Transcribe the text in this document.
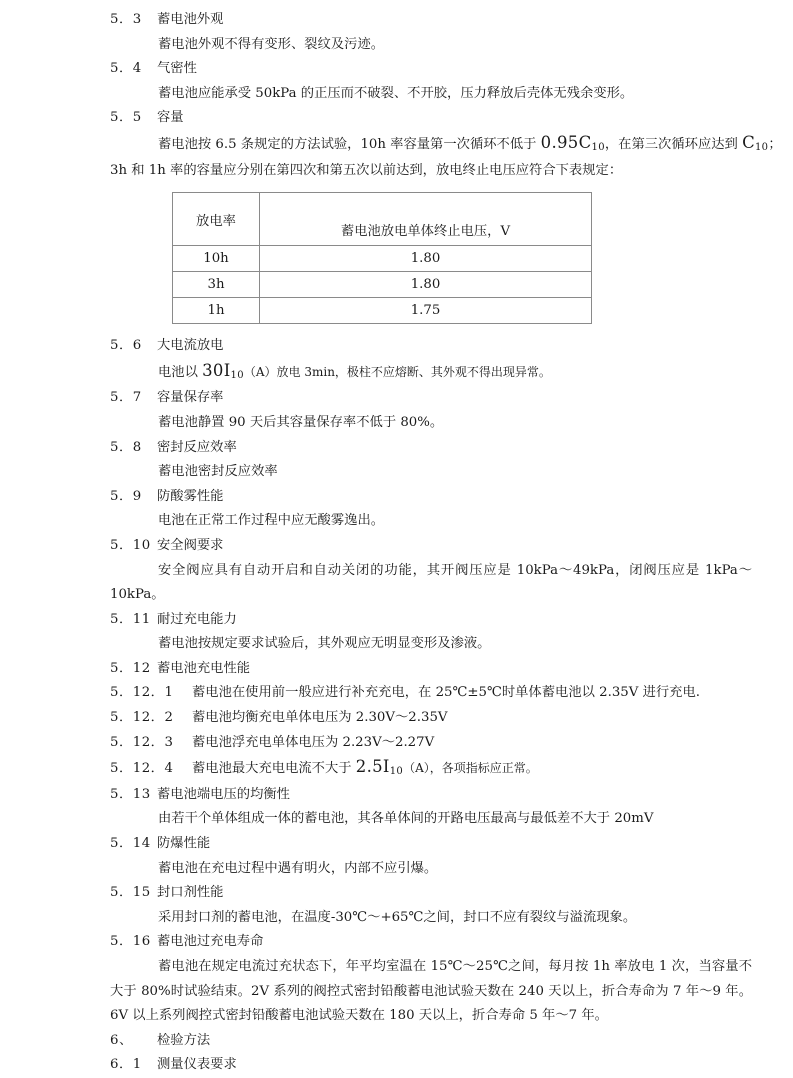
5．3 蓄电池外观
蓄电池外观不得有变形、裂纹及污迹。
5．4 气密性
蓄电池应能承受 50kPa 的正压而不破裂、不开胶，压力释放后壳体无残余变形。
5．5 容量
蓄电池按 6.5 条规定的方法试验，10h 率容量第一次循环不低于 $0.95C_{10}$，在第三次循环应达到 $C_{10}$；
3h 和 1h 率的容量应分别在第四次和第五次以前达到，放电终止电压应符合下表规定：
放电率	蓄电池放电单体终止电压，V
10h	1.80
3h	1.80
1h	1.75
5．6 大电流放电
电池以 $30I_{10}(A)$放电 3min，极柱不应熔断、其外观不得出现异常。
5．7 容量保存率
蓄电池静置 90 天后其容量保存率不低于 80%。
5．8 密封反应效率
蓄电池密封反应效率
5．9 防酸雾性能
电池在正常工作过程中应无酸雾逸出。
5．10 安全阀要求

安全阀应具有自动开启和自动关闭的功能，其开阀压应是 10kPa～49kPa，闭阀压应是 1kPa～10kPa。

5．11 耐过充电能力
蓄电池按规定要求试验后，其外观应无明显变形及渗液。
5．12 蓄电池充电性能
5．12．1 蓄电池在使用前一般应进行补充充电，在 25℃±5℃时单体蓄电池以 2.35V 进行充电.
5．12．2 蓄电池均衡充电单体电压为 2.30V～2.35V
5．12．3 蓄电池浮充电单体电压为 2.23V～2.27V
5．12．4 蓄电池最大充电电流不大于 $2.5I_{10}(A)$，各项指标应正常。
5．13 蓄电池端电压的均衡性
由若干个单体组成一体的蓄电池，其各单体间的开路电压最高与最低差不大于 20mV
5．14 防爆性能
蓄电池在充电过程中遇有明火，内部不应引爆。
5．15 封口剂性能
采用封口剂的蓄电池，在温度-30℃～+65℃之间，封口不应有裂纹与溢流现象。
5．16 蓄电池过充电寿命

蓄电池在规定电流过充状态下，年平均室温在 15℃～25℃之间，每月按 1h 率放电 1 次，当容量不大于 80%时试验结束。2V 系列的阀控式密封铅酸蓄电池试验天数在 240 天以上，折合寿命为 7 年～9 年。6V 以上系列阀控式密封铅酸蓄电池试验天数在 180 天以上，折合寿命 5 年～7 年。

6、 检验方法
6．1 测量仪表要求
